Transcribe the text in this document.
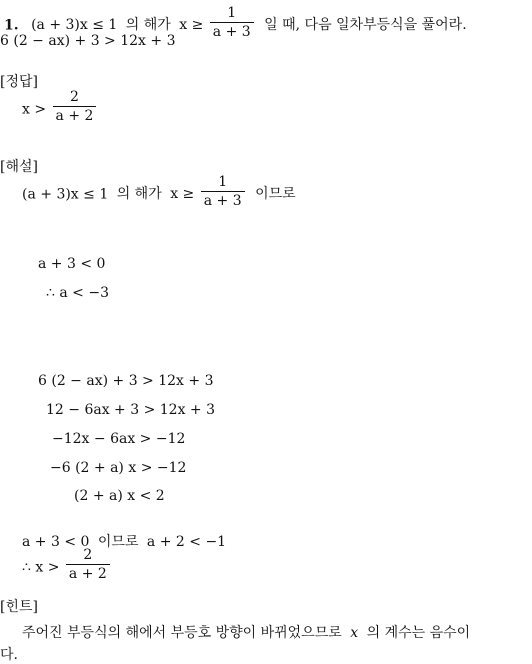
1. (a + 3)x ≤ 1 의 해가 $x \ge \frac{1}{a + 3}$ 일 때, 다음 일차부등식을 풀어라.
6 (2 − ax) + 3 > 12x + 3
[정답]
$x > \frac{2}{a + 2}$
[해설]
(a + 3)x ≤ 1 의 해가 $x \ge \frac{1}{a + 3}$ 이므로
a + 3 < 0
∴ a < −3
6 (2 − ax) + 3 > 12x + 3
12 − 6ax + 3 > 12x + 3
−12x − 6ax > −12
−6 (2 + a) x > −12
(2 + a) x < 2
a + 3 < 0 이므로 a + 2 < −1
∴ $x > \frac{2}{a + 2}$
[힌트]
주어진 부등식의 해에서 부등호 방향이 바뀌었으므로 x 의 계수는 음수이
다.
